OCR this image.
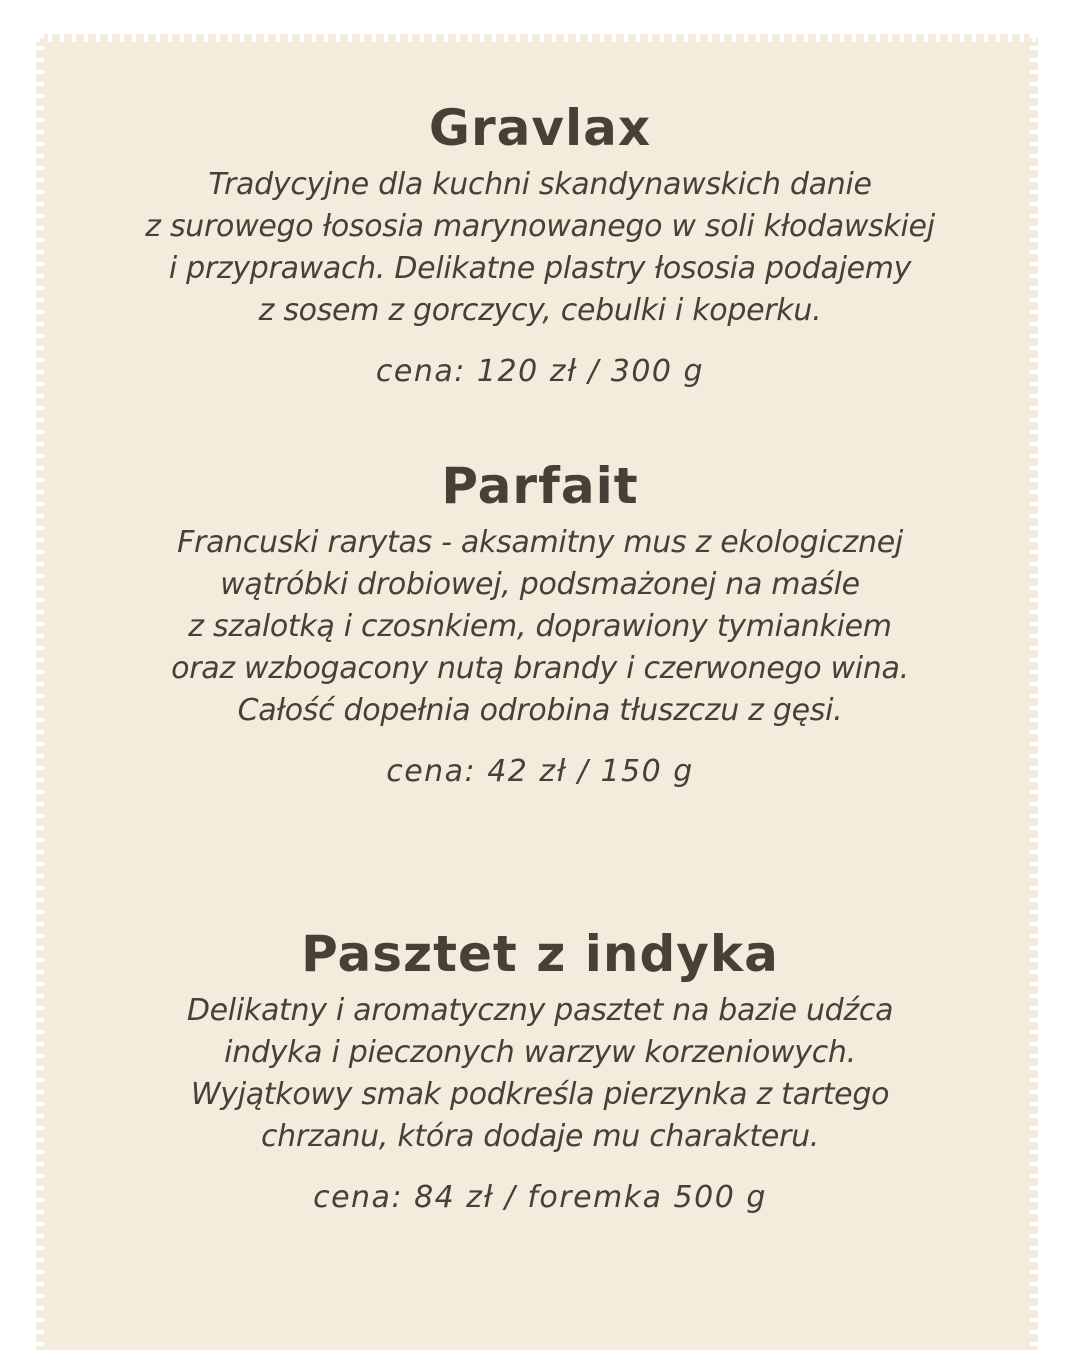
Gravlax

Tradycyjne dla kuchni skandynawskich danie
z surowego łososia marynowanego w soli kłodawskiej
i przyprawach. Delikatne plastry łososia podajemy
z sosem z gorczycy, cebulki i koperku.

cena: 120 zł / 300 g
Parfait

Francuski rarytas - aksamitny mus z ekologicznej
wątróbki drobiowej, podsmażonej na maśle
z szalotką i czosnkiem, doprawiony tymiankiem
oraz wzbogacony nutą brandy i czerwonego wina.
Całość dopełnia odrobina tłuszczu z gęsi.

cena: 42 zł / 150 g
Pasztet z indyka

Delikatny i aromatyczny pasztet na bazie udźca
indyka i pieczonych warzyw korzeniowych.
Wyjątkowy smak podkreśla pierzynka z tartego
chrzanu, która dodaje mu charakteru.

cena: 84 zł / foremka 500 g
